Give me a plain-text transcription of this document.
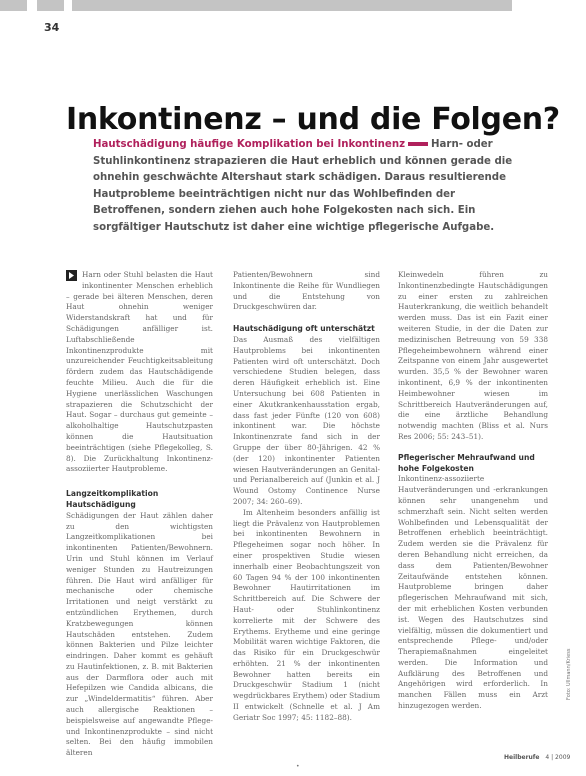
34
Inkontinenz – und die Folgen?
Hautschädigung häufige Komplikation bei Inkontinenz	Harn- oder Stuhlinkontinenz strapazieren die Haut erheblich und können gerade die ohnehin geschwächte Altershaut stark schädigen. Daraus resultierende Hautprobleme beeinträchtigen nicht nur das Wohlbefinden der Betroffenen, sondern ziehen auch hohe Folgekosten nach sich. Ein sorgfältiger Hautschutz ist daher eine wichtige pflegerische Aufgabe.

Harn oder Stuhl belasten die Haut inkontinenter Menschen erheblich – gerade bei älteren Menschen, deren Haut ohnehin weniger Widerstandskraft hat und für Schädigungen anfälliger ist. Luftabschließende Inkontinenzprodukte mit unzureichender Feuchtigkeitsableitung fördern zudem das Hautschädigende feuchte Milieu. Auch die für die Hygiene unerlässlichen Waschungen strapazieren die Schutzschicht der Haut. Sogar – durchaus gut gemeinte – alkoholhaltige Hautschutzpasten können die Hautsituation beeinträchtigen (siehe Pflegekolleg, S. 8). Die Zurückhaltung Inkontinenz-assoziierter Hautprobleme.

Langzeitkomplikation Hautschädigung

Schädigungen der Haut zählen daher zu den wichtigsten Langzeitkomplikationen bei inkontinenten Patienten/Bewohnern. Urin und Stuhl können im Verlauf weniger Stunden zu Hautreizungen führen. Die Haut wird anfälliger für mechanische oder chemische Irritationen und neigt verstärkt zu entzündlichen Erythemen, durch Kratzbewegungen können Hautschäden entstehen. Zudem können Bakterien und Pilze leichter eindringen. Daher kommt es gehäuft zu Hautinfektionen, z. B. mit Bakterien aus der Darmflora oder auch mit Hefepilzen wie Candida albicans, die zur „Windeldermatitis“ führen. Aber auch allergische Reaktionen – beispielsweise auf angewandte Pflege- und Inkontinenzprodukte – sind nicht selten. Bei den häufig immobilen älteren

Patienten/Bewohnern sind Inkontinente die Reihe für Wundliegen und die Entstehung von Druckgeschwüren dar.

Hautschädigung oft unterschätzt

Das Ausmaß des vielfältigen Hautproblems bei inkontinenten Patienten wird oft unterschätzt. Doch verschiedene Studien belegen, dass deren Häufigkeit erheblich ist. Eine Untersuchung bei 608 Patienten in einer Akutkrankenhausstation ergab, dass fast jeder Fünfte (120 von 608) inkontinent war. Die höchste Inkontinenzrate fand sich in der Gruppe der über 80-Jährigen. 42 % (der 120) inkontinenter Patienten wiesen Hautveränderungen an Genital- und Perianalbereich auf (Junkin et al. J Wound Ostomy Continence Nurse 2007; 34: 260–69).

Im Altenheim besonders anfällig ist liegt die Prävalenz von Hautproblemen bei inkontinenten Bewohnern in Pflegeheimen sogar noch höher. In einer prospektiven Studie wiesen innerhalb einer Beobachtungszeit von 60 Tagen 94 % der 100 inkontinenten Bewohner Hautirritationen im Schrittbereich auf. Die Schwere der Haut- oder Stuhlinkontinenz korrelierte mit der Schwere des Erythems. Erytheme und eine geringe Mobilität waren wichtige Faktoren, die das Risiko für ein Druckgeschwür erhöhten. 21 % der inkontinenten Bewohner hatten bereits ein Druckgeschwür Stadium 1 (nicht wegdrückbares Erythem) oder Stadium II entwickelt (Schnelle et al. J Am Geriatr Soc 1997; 45: 1182–88).

Kleinwedeln führen zu Inkontinenzbedingte Hautschädigungen zu einer ersten zu zahlreichen Hauterkrankung, die weitlich behandelt werden muss. Das ist ein Fazit einer weiteren Studie, in der die Daten zur medizinischen Betreuung von 59 338 Pflegeheimbewohnern während einer Zeitspanne von einem Jahr ausgewertet wurden. 35,5 % der Bewohner waren inkontinent, 6,9 % der inkontinenten Heimbewohner wiesen im Schrittbereich Hautveränderungen auf, die eine ärztliche Behandlung notwendig machten (Bliss et al. Nurs Res 2006; 55: 243–51).

Pflegerischer Mehraufwand und hohe Folgekosten

Inkontinenz-assoziierte Hautveränderungen und -erkrankungen können sehr unangenehm und schmerzhaft sein. Nicht selten werden Wohlbefinden und Lebensqualität der Betroffenen erheblich beeinträchtigt. Zudem werden sie die Prävalenz für deren Behandlung nicht erreichen, da dass dem Patienten/Bewohner Zeitaufwände entstehen können. Hautprobleme bringen daher pflegerischen Mehraufwand mit sich, der mit erheblichen Kosten verbunden ist. Wegen des Hautschutzes sind vielfältig, müssen die dokumentiert und entsprechende Pflege- und/oder Therapiemaßnahmen eingeleitet werden. Die Information und Aufklärung des Betroffenen und Angehörigen wird erforderlich. In manchen Fällen muss ein Arzt hinzugezogen werden.

Foto: Ullmann/Kriess
•
Heilberufe 4 | 2009
